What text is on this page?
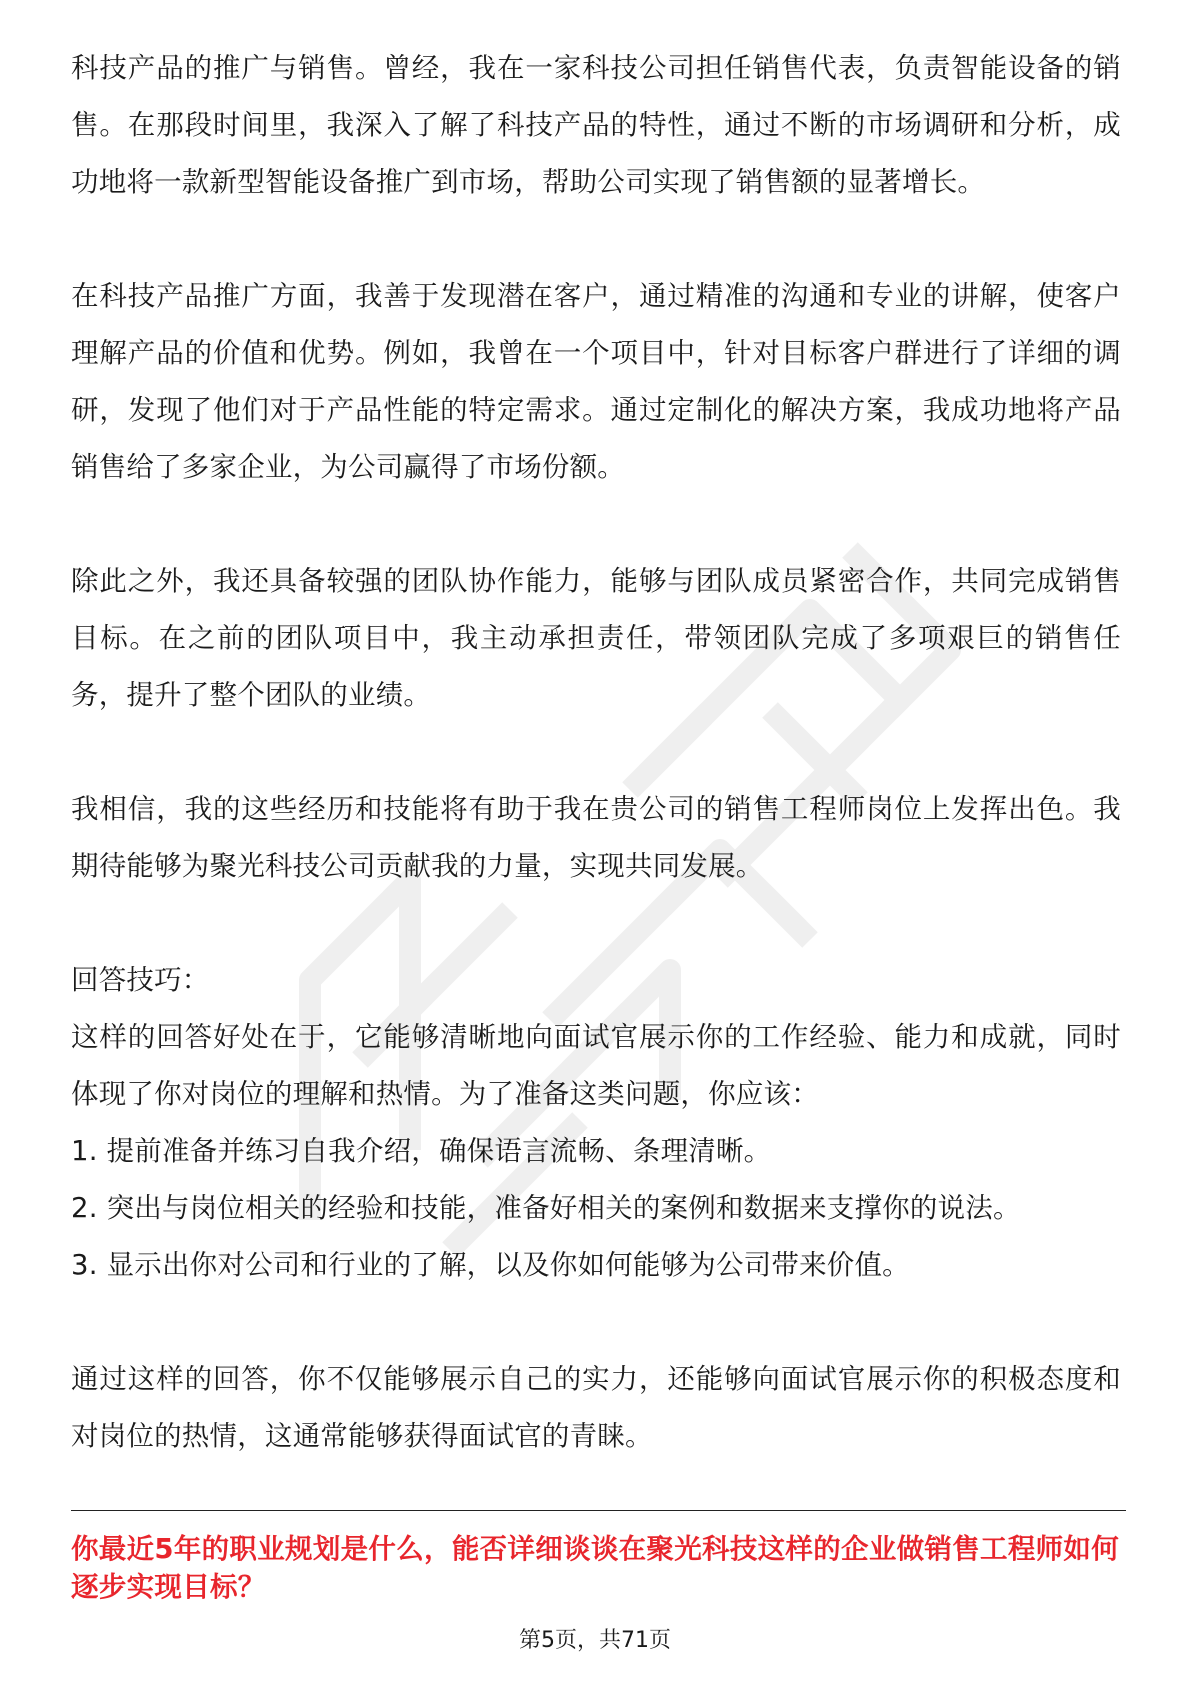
科技产品的推广与销售。曾经，我在一家科技公司担任销售代表，负责智能设备的销售。在那段时间里，我深入了解了科技产品的特性，通过不断的市场调研和分析，成功地将一款新型智能设备推广到市场，帮助公司实现了销售额的显著增长。

在科技产品推广方面，我善于发现潜在客户，通过精准的沟通和专业的讲解，使客户理解产品的价值和优势。例如，我曾在一个项目中，针对目标客户群进行了详细的调研，发现了他们对于产品性能的特定需求。通过定制化的解决方案，我成功地将产品销售给了多家企业，为公司赢得了市场份额。

除此之外，我还具备较强的团队协作能力，能够与团队成员紧密合作，共同完成销售目标。在之前的团队项目中，我主动承担责任，带领团队完成了多项艰巨的销售任务，提升了整个团队的业绩。

我相信，我的这些经历和技能将有助于我在贵公司的销售工程师岗位上发挥出色。我期待能够为聚光科技公司贡献我的力量，实现共同发展。

回答技巧：

这样的回答好处在于，它能够清晰地向面试官展示你的工作经验、能力和成就，同时体现了你对岗位的理解和热情。为了准备这类问题，你应该：

1. 提前准备并练习自我介绍，确保语言流畅、条理清晰。

2. 突出与岗位相关的经验和技能，准备好相关的案例和数据来支撑你的说法。

3. 显示出你对公司和行业的了解，以及你如何能够为公司带来价值。

通过这样的回答，你不仅能够展示自己的实力，还能够向面试官展示你的积极态度和对岗位的热情，这通常能够获得面试官的青睐。

你最近5年的职业规划是什么，能否详细谈谈在聚光科技这样的企业做销售工程师如何逐步实现目标？
第5页，共71页
